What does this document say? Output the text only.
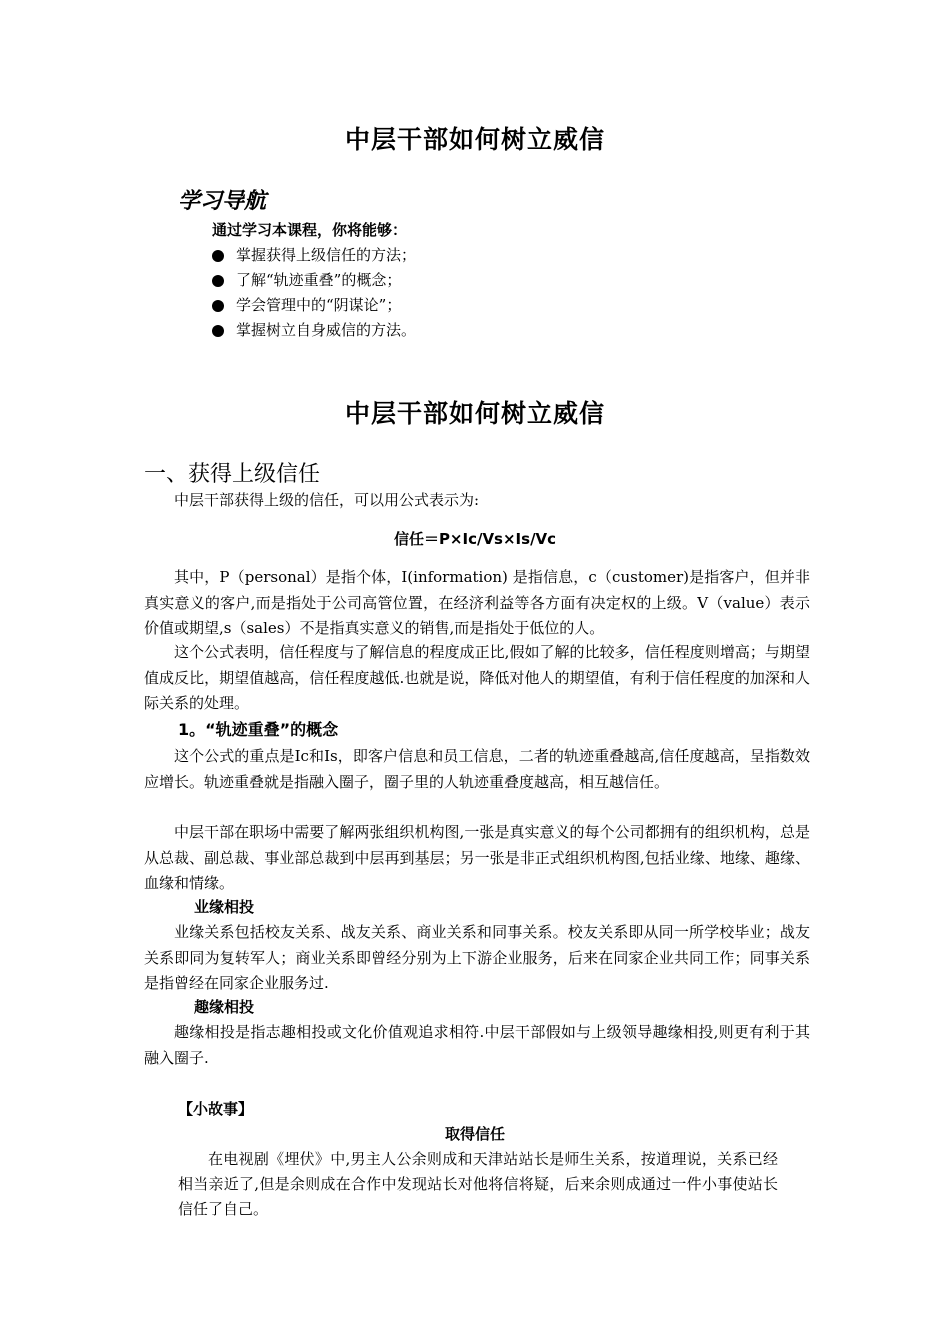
中层干部如何树立威信
学习导航
通过学习本课程，你将能够：
掌握获得上级信任的方法；
了解“轨迹重叠”的概念；
学会管理中的“阴谋论”；
掌握树立自身威信的方法。
中层干部如何树立威信
一、获得上级信任
中层干部获得上级的信任，可以用公式表示为:
信任＝P×Ic/Vs×Is/Vc
其中，P（personal）是指个体，I(information) 是指信息，c（customer)是指客户，但并非真实意义的客户,而是指处于公司高管位置，在经济利益等各方面有决定权的上级。V（value）表示价值或期望,s（sales）不是指真实意义的销售,而是指处于低位的人。
这个公式表明，信任程度与了解信息的程度成正比,假如了解的比较多，信任程度则增高；与期望值成反比，期望值越高，信任程度越低.也就是说，降低对他人的期望值，有利于信任程度的加深和人际关系的处理。
1。“轨迹重叠”的概念
这个公式的重点是Ic和Is，即客户信息和员工信息，二者的轨迹重叠越高,信任度越高，呈指数效应增长。轨迹重叠就是指融入圈子，圈子里的人轨迹重叠度越高，相互越信任。
中层干部在职场中需要了解两张组织机构图,一张是真实意义的每个公司都拥有的组织机构，总是从总裁、副总裁、事业部总裁到中层再到基层；另一张是非正式组织机构图,包括业缘、地缘、趣缘、血缘和情缘。
业缘相投
业缘关系包括校友关系、战友关系、商业关系和同事关系。校友关系即从同一所学校毕业；战友关系即同为复转军人；商业关系即曾经分别为上下游企业服务，后来在同家企业共同工作；同事关系是指曾经在同家企业服务过.
趣缘相投
趣缘相投是指志趣相投或文化价值观追求相符.中层干部假如与上级领导趣缘相投,则更有利于其融入圈子.
【小故事】
取得信任
在电视剧《埋伏》中,男主人公余则成和天津站站长是师生关系，按道理说，关系已经相当亲近了,但是余则成在合作中发现站长对他将信将疑，后来余则成通过一件小事使站长信任了自己。
